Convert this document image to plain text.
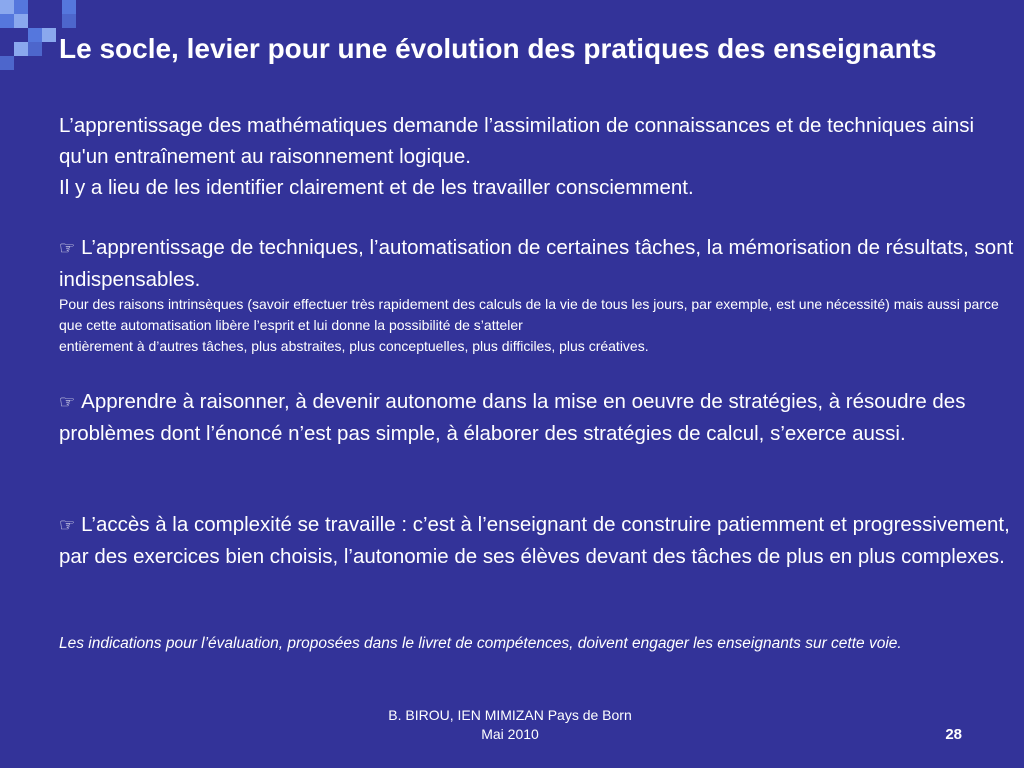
Le socle, levier pour une évolution des pratiques des enseignants
L’apprentissage des mathématiques demande l’assimilation de connaissances et de techniques ainsi qu'un entraînement au raisonnement logique.
Il y a lieu de les identifier clairement et de les travailler consciemment.
☞ L’apprentissage de techniques, l’automatisation de certaines tâches, la mémorisation de résultats, sont indispensables.
Pour des raisons intrinsèques (savoir effectuer très rapidement des calculs de la vie de tous les jours, par exemple, est une nécessité) mais aussi parce que cette automatisation libère l’esprit et lui donne la possibilité de s’atteler
entièrement à d’autres tâches, plus abstraites, plus conceptuelles, plus difficiles, plus créatives.
☞ Apprendre à raisonner, à devenir autonome dans la mise en oeuvre de stratégies, à résoudre des problèmes dont l’énoncé n’est pas simple, à élaborer des stratégies de calcul, s’exerce aussi.
☞ L’accès à la complexité se travaille : c’est à l’enseignant de construire patiemment et progressivement, par des exercices bien choisis, l’autonomie de ses élèves devant des tâches de plus en plus complexes.
Les indications pour l’évaluation, proposées dans le livret de compétences, doivent engager les enseignants sur cette voie.
B. BIROU, IEN MIMIZAN Pays de Born
Mai 2010	28
